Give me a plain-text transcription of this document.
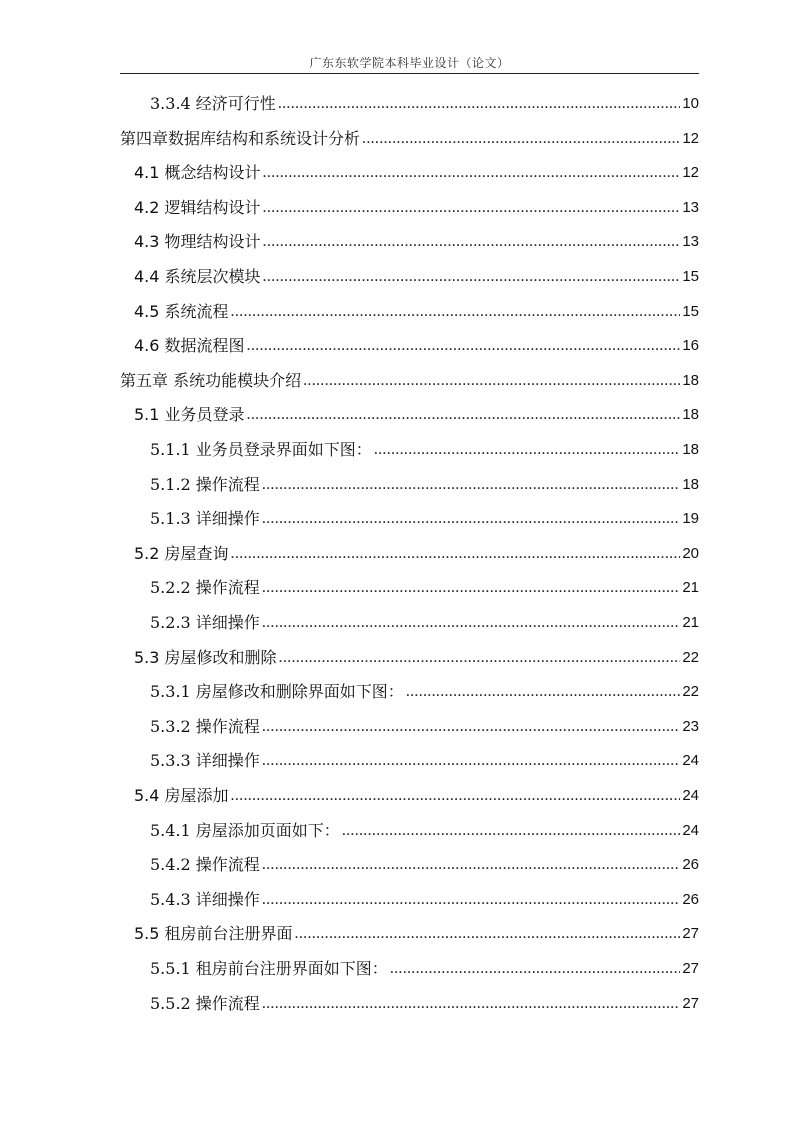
广东东软学院本科毕业设计（论文）
3.3.4 经济可行性 .....	10
第四章数据库结构和系统设计分析 .....	12
4.1 概念结构设计 .....	12
4.2 逻辑结构设计 .....	13
4.3 物理结构设计 .....	13
4.4 系统层次模块 .....	15
4.5 系统流程 .....	15
4.6 数据流程图 .....	16
第五章 系统功能模块介绍 .....	18
5.1 业务员登录 .....	18
5.1.1 业务员登录界面如下图： .....	18
5.1.2 操作流程 .....	18
5.1.3 详细操作 .....	19
5.2 房屋查询 .....	20
5.2.2 操作流程 .....	21
5.2.3 详细操作 .....	21
5.3 房屋修改和删除 .....	22
5.3.1 房屋修改和删除界面如下图： .....	22
5.3.2 操作流程 .....	23
5.3.3 详细操作 .....	24
5.4 房屋添加 .....	24
5.4.1 房屋添加页面如下： .....	24
5.4.2 操作流程 .....	26
5.4.3 详细操作 .....	26
5.5 租房前台注册界面 .....	27
5.5.1 租房前台注册界面如下图： .....	27
5.5.2 操作流程 .....	27
